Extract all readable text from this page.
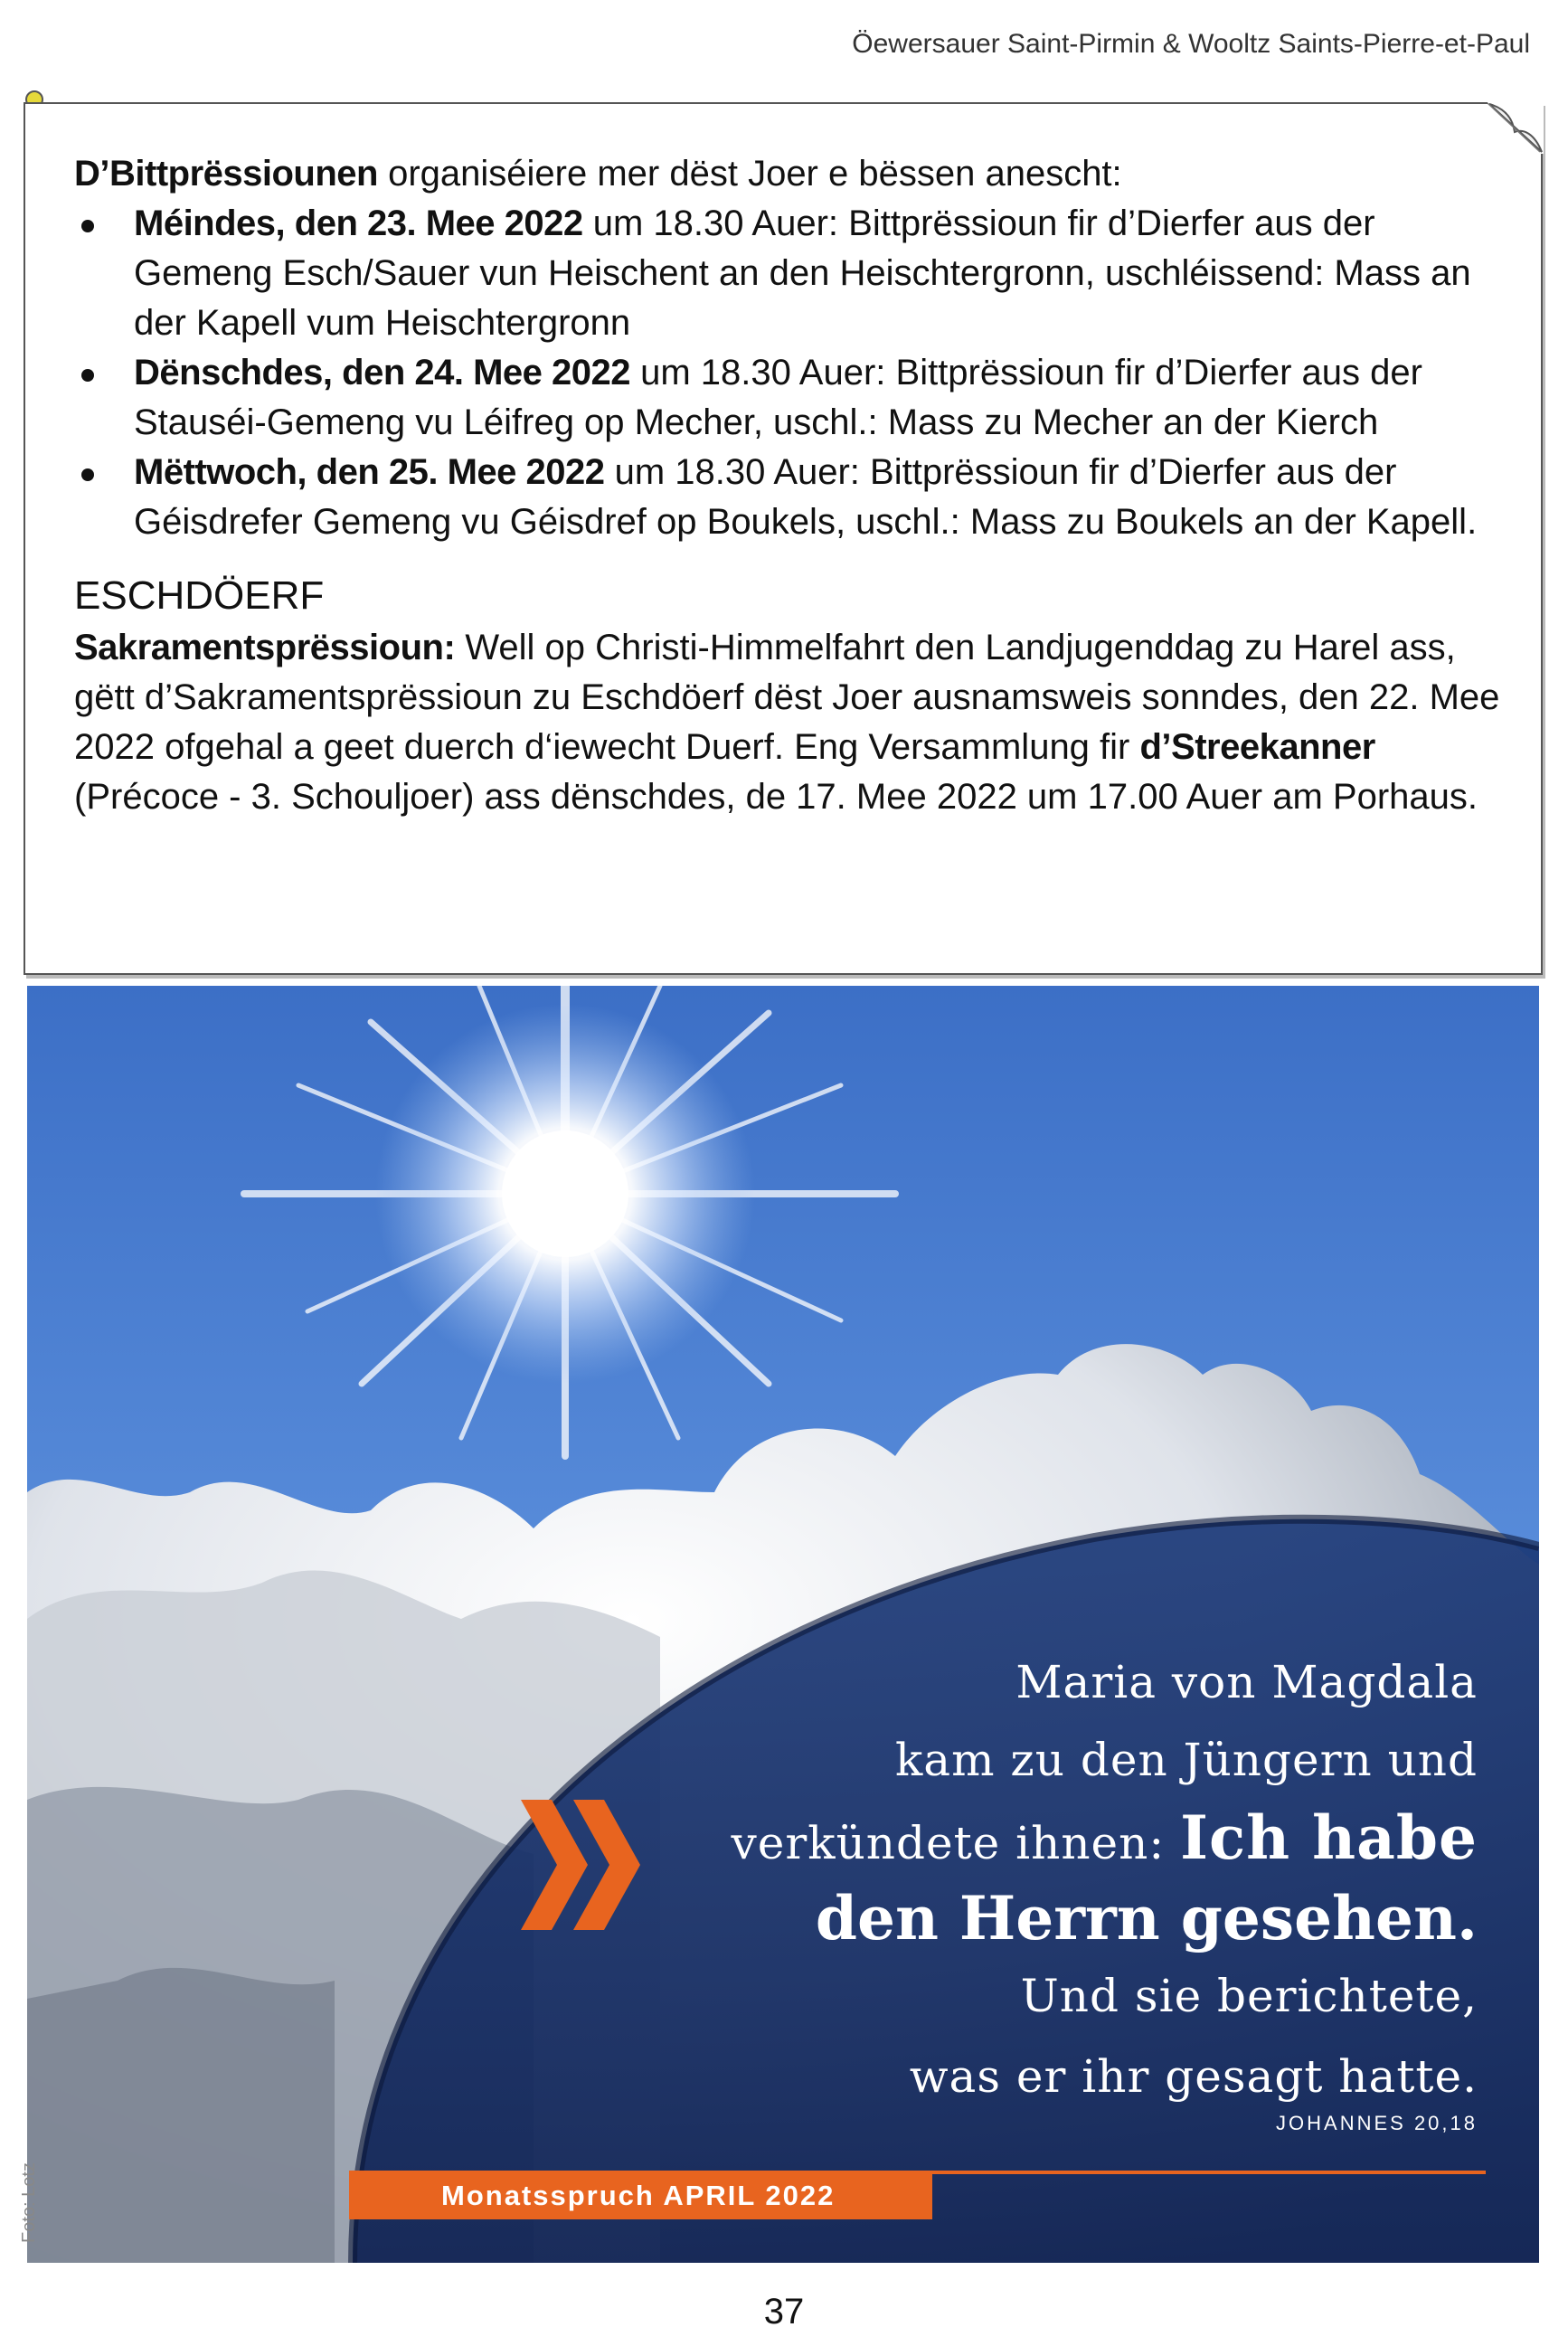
Öewersauer Saint-Pirmin & Wooltz Saints-Pierre-et-Paul

D’Bittprëssiounen organiséiere mer dëst Joer e bëssen anescht:

Méindes, den 23. Mee 2022 um 18.30 Auer: Bittprëssioun fir d’Dierfer aus der Gemeng Esch/Sauer vun Heischent an den Heischtergronn, uschléissend: Mass an der Kapell vum Heischtergronn
Dënschdes, den 24. Mee 2022 um 18.30 Auer: Bittprëssioun fir d’Dierfer aus der Stauséi-Gemeng vu Léifreg op Mecher, uschl.: Mass zu Mecher an der Kierch
Mëttwoch, den 25. Mee 2022 um 18.30 Auer: Bittprëssioun fir d’Dierfer aus der Géisdrefer Gemeng vu Géisdref op Boukels, uschl.: Mass zu Boukels an der Kapell.
ESCHDÖERF

Sakramentsprëssioun: Well op Christi-Himmelfahrt den Landjugenddag zu Harel ass, gëtt d’Sakramentsprëssioun zu Eschdöerf dëst Joer ausnamsweis sonndes, den 22. Mee 2022 ofgehal a geet duerch d‘iewecht Duerf. Eng Versammlung fir d’Streekanner (Précoce - 3. Schouljoer) ass dënschdes, de 17. Mee 2022 um 17.00 Auer am Porhaus.

Maria von Magdala
kam zu den Jüngern und
verkündete ihnen: Ich habe
den Herrn gesehen.
Und sie berichtete,
was er ihr gesagt hatte.
JOHANNES 20,18
Monatsspruch APRIL 2022
Foto: Lotz
37
